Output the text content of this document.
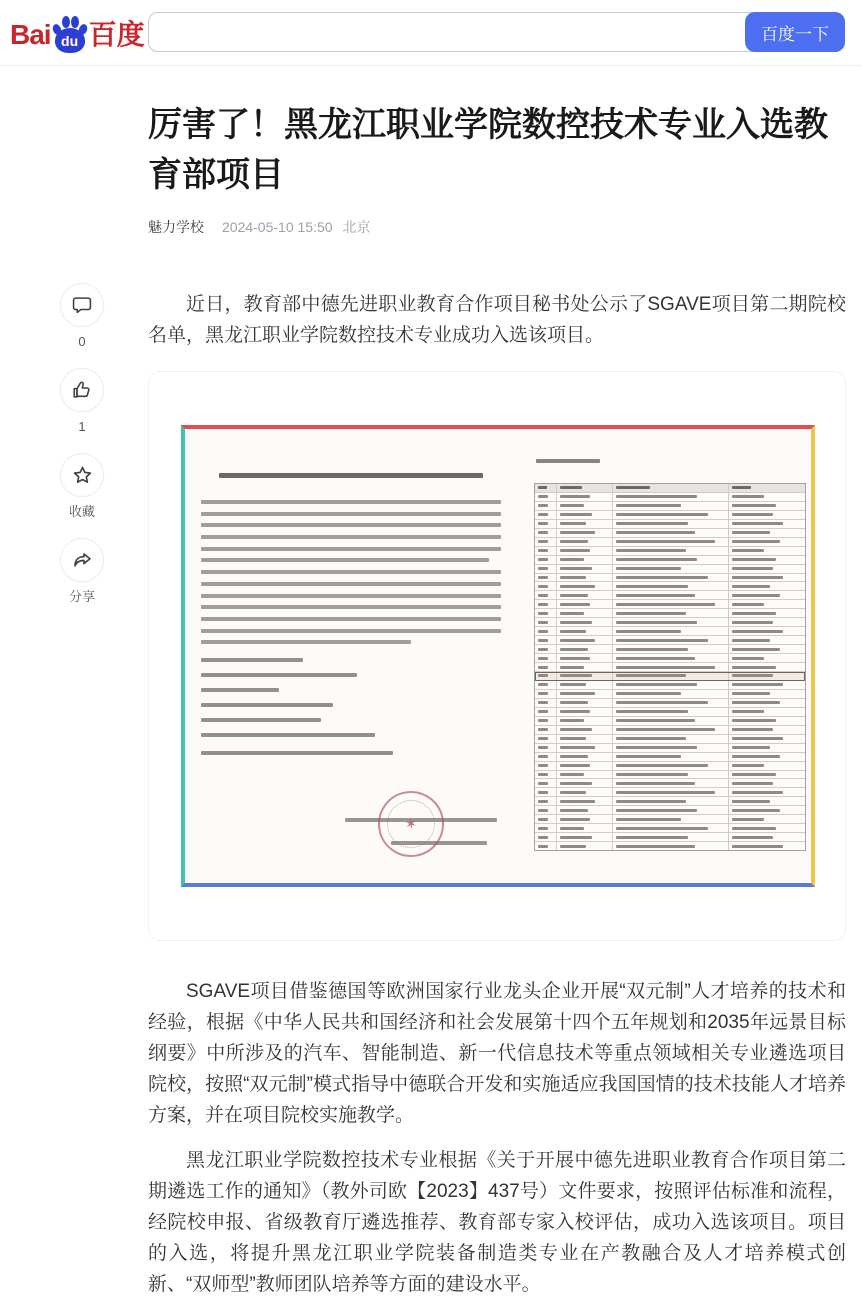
Bai du 百度	百度一下
0
1
收藏
分享
厉害了！黑龙江职业学院数控技术专业入选教育部项目
魅力学校 2024-05-10 15:50 北京

近日，教育部中德先进职业教育合作项目秘书处公示了SGAVE项目第二期院校名单，黑龙江职业学院数控技术专业成功入选该项目。

✶

SGAVE项目借鉴德国等欧洲国家行业龙头企业开展“双元制”人才培养的技术和经验，根据《中华人民共和国经济和社会发展第十四个五年规划和2035年远景目标纲要》中所涉及的汽车、智能制造、新一代信息技术等重点领域相关专业遴选项目院校，按照“双元制”模式指导中德联合开发和实施适应我国国情的技术技能人才培养方案，并在项目院校实施教学。

黑龙江职业学院数控技术专业根据《关于开展中德先进职业教育合作项目第二期遴选工作的通知》（教外司欧【2023】437号）文件要求，按照评估标准和流程，经院校申报、省级教育厅遴选推荐、教育部专家入校评估，成功入选该项目。项目的入选，将提升黑龙江职业学院装备制造类专业在产教融合及人才培养模式创新、“双师型”教师团队培养等方面的建设水平。
